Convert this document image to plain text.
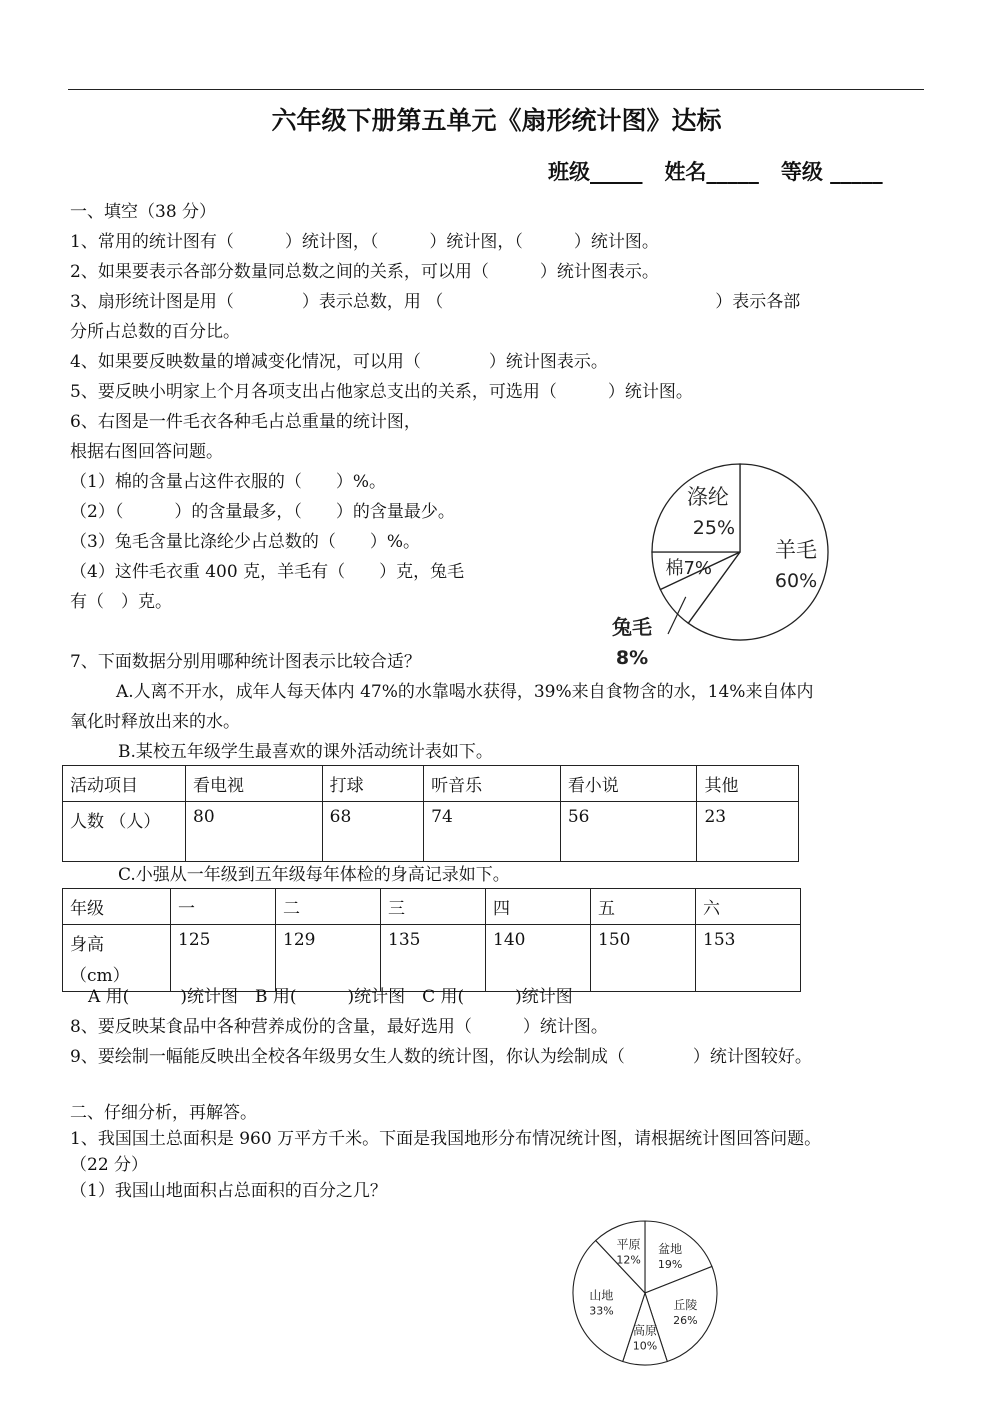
六年级下册第五单元《扇形统计图》达标
班级_____ 姓名_____ 等级 _____
一、填空（38 分）
1、常用的统计图有（　　　）统计图，（　　　）统计图，（　　　）统计图。
2、如果要表示各部分数量同总数之间的关系，可以用（　　　）统计图表示。
3、扇形统计图是用（　　　　）表示总数，用 （　　　　　　　　　　　　　　　　）表示各部
分所占总数的百分比。
4、如果要反映数量的增减变化情况，可以用（　　　　）统计图表示。
5、要反映小明家上个月各项支出占他家总支出的关系，可选用（　　　）统计图。
6、右图是一件毛衣各种毛占总重量的统计图，
根据右图回答问题。
（1）棉的含量占这件衣服的（　　）%。
（2）（　　　）的含量最多，（　　）的含量最少。
（3）兔毛含量比涤纶少占总数的（　　）%。
（4）这件毛衣重 400 克，羊毛有（　　）克，兔毛
有（　）克。
羊毛
60%
涤纶
25%
棉7%
兔毛
8%
7、下面数据分别用哪种统计图表示比较合适？
A.人离不开水，成年人每天体内 47%的水靠喝水获得，39%来自食物含的水，14%来自体内
氧化时释放出来的水。
B.某校五年级学生最喜欢的课外活动统计表如下。
活动项目	看电视	打球	听音乐	看小说	其他
人数 （人）	80	68	74	56	23
C.小强从一年级到五年级每年体检的身高记录如下。
年级	一	二	三	四	五	六

身高
（cm）	125	129	135	140	150	153
A 用(　　　)统计图　B 用(　　　)统计图　C 用(　　　)统计图
8、要反映某食品中各种营养成份的含量，最好选用（　　　）统计图。
9、要绘制一幅能反映出全校各年级男女生人数的统计图，你认为绘制成（　　　　）统计图较好。
二、仔细分析，再解答。
1、我国国土总面积是 960 万平方千米。下面是我国地形分布情况统计图，请根据统计图回答问题。
（22 分）
（1）我国山地面积占总面积的百分之几？
盆地
19%
丘陵
26%
高原
10%
山地
33%
平原
12%
